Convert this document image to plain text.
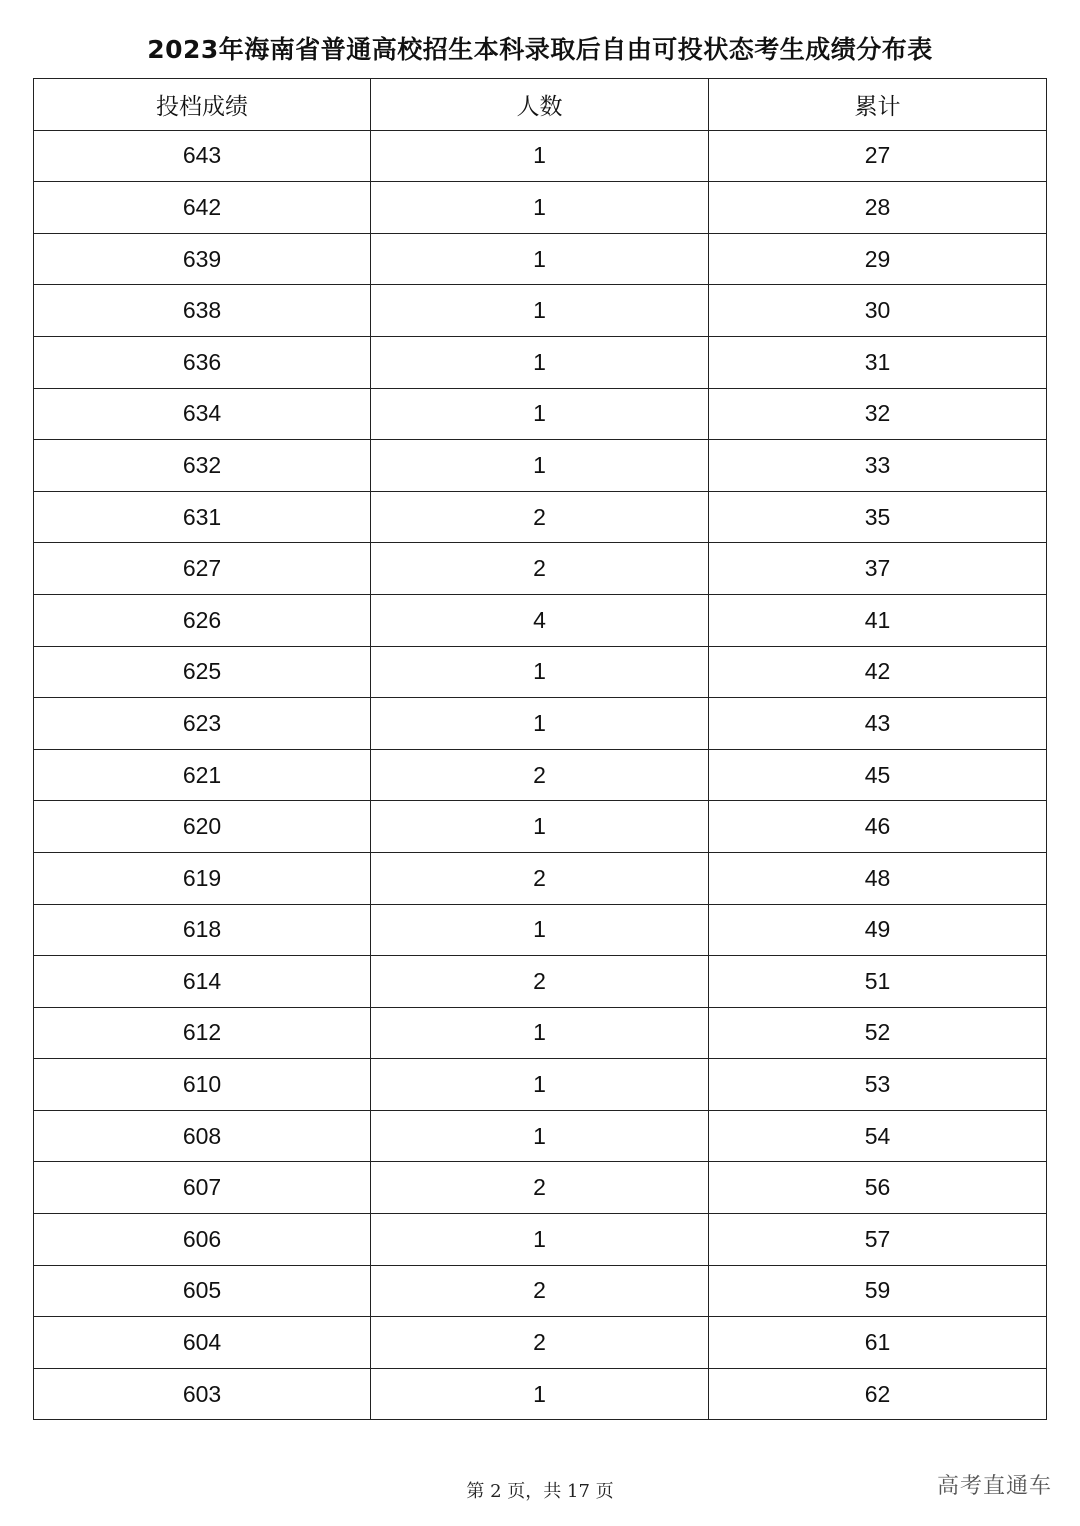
2023年海南省普通高校招生本科录取后自由可投状态考生成绩分布表
投档成绩	人数	累计
643	1	27
642	1	28
639	1	29
638	1	30
636	1	31
634	1	32
632	1	33
631	2	35
627	2	37
626	4	41
625	1	42
623	1	43
621	2	45
620	1	46
619	2	48
618	1	49
614	2	51
612	1	52
610	1	53
608	1	54
607	2	56
606	1	57
605	2	59
604	2	61
603	1	62
第 2 页，共 17 页	高考直通车
